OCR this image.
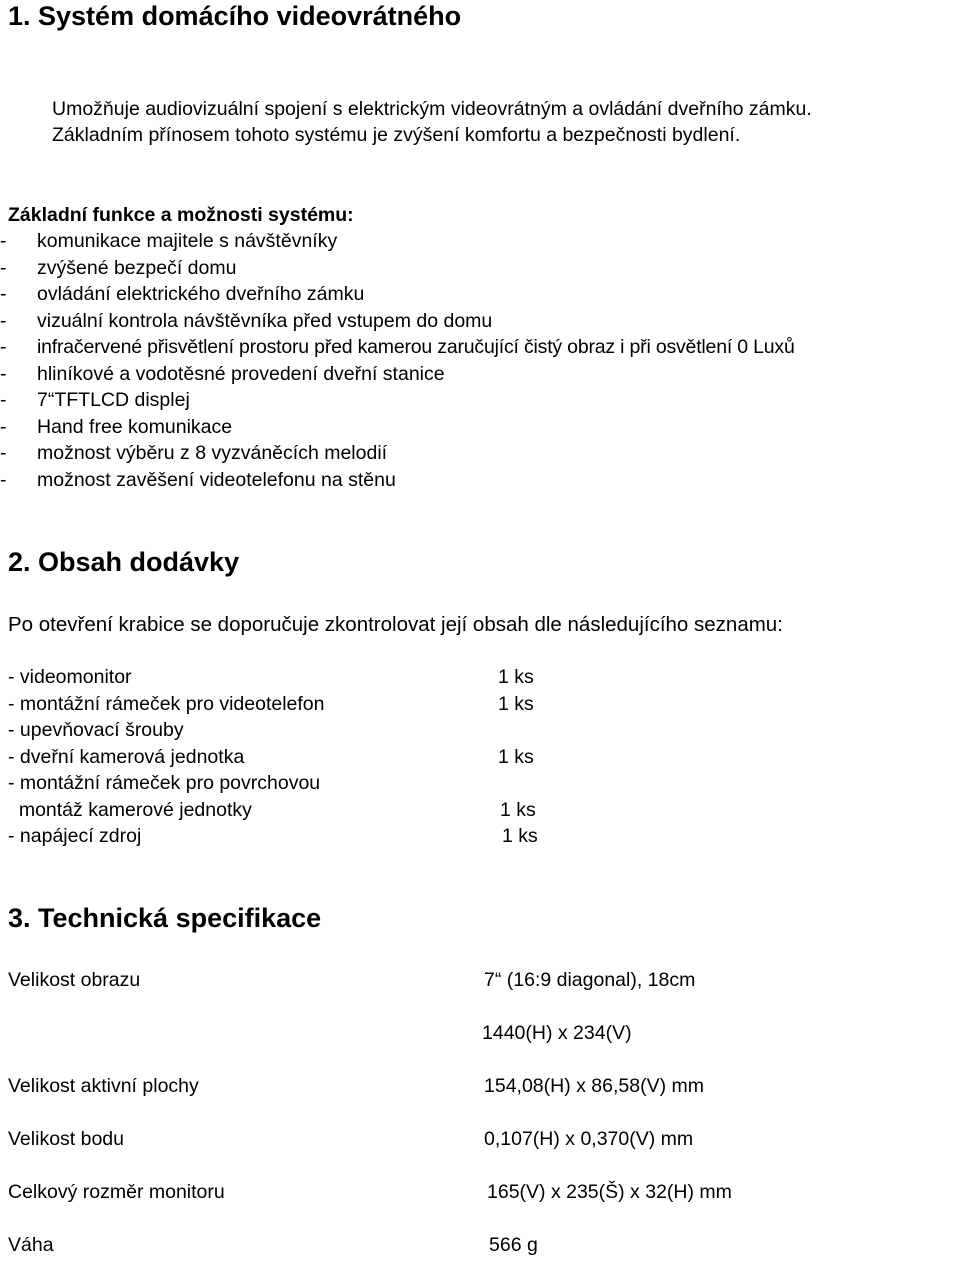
1. Systém domácího videovrátného
Umožňuje audiovizuální spojení s elektrickým videovrátným a ovládání dveřního zámku.
Základním přínosem tohoto systému je zvýšení komfortu a bezpečnosti bydlení.
Základní funkce a možnosti systému:
- komunikace majitele s návštěvníky
- zvýšené bezpečí domu
- ovládání elektrického dveřního zámku
- vizuální kontrola návštěvníka před vstupem do domu
- infračervené přisvětlení prostoru před kamerou zaručující čistý obraz i při osvětlení 0 Luxů
- hliníkové a vodotěsné provedení dveřní stanice
- 7“TFTLCD displej
- Hand free komunikace
- možnost výběru z 8 vyzváněcích melodií
- možnost zavěšení videotelefonu na stěnu
2. Obsah dodávky
Po otevření krabice se doporučuje zkontrolovat její obsah dle následujícího seznamu:
- videomonitor	1 ks
- montážní rámeček pro videotelefon	1 ks
- upevňovací šrouby
- dveřní kamerová jednotka	1 ks
- montážní rámeček pro povrchovou
montáž kamerové jednotky	1 ks
- napájecí zdroj	1 ks
3. Technická specifikace
Velikost obrazu	7“ (16:9 diagonal), 18cm
1440(H) x 234(V)
Velikost aktivní plochy	154,08(H) x 86,58(V) mm
Velikost bodu	0,107(H) x 0,370(V) mm
Celkový rozměr monitoru	165(V) x 235(Š) x 32(H) mm
Váha	566 g
